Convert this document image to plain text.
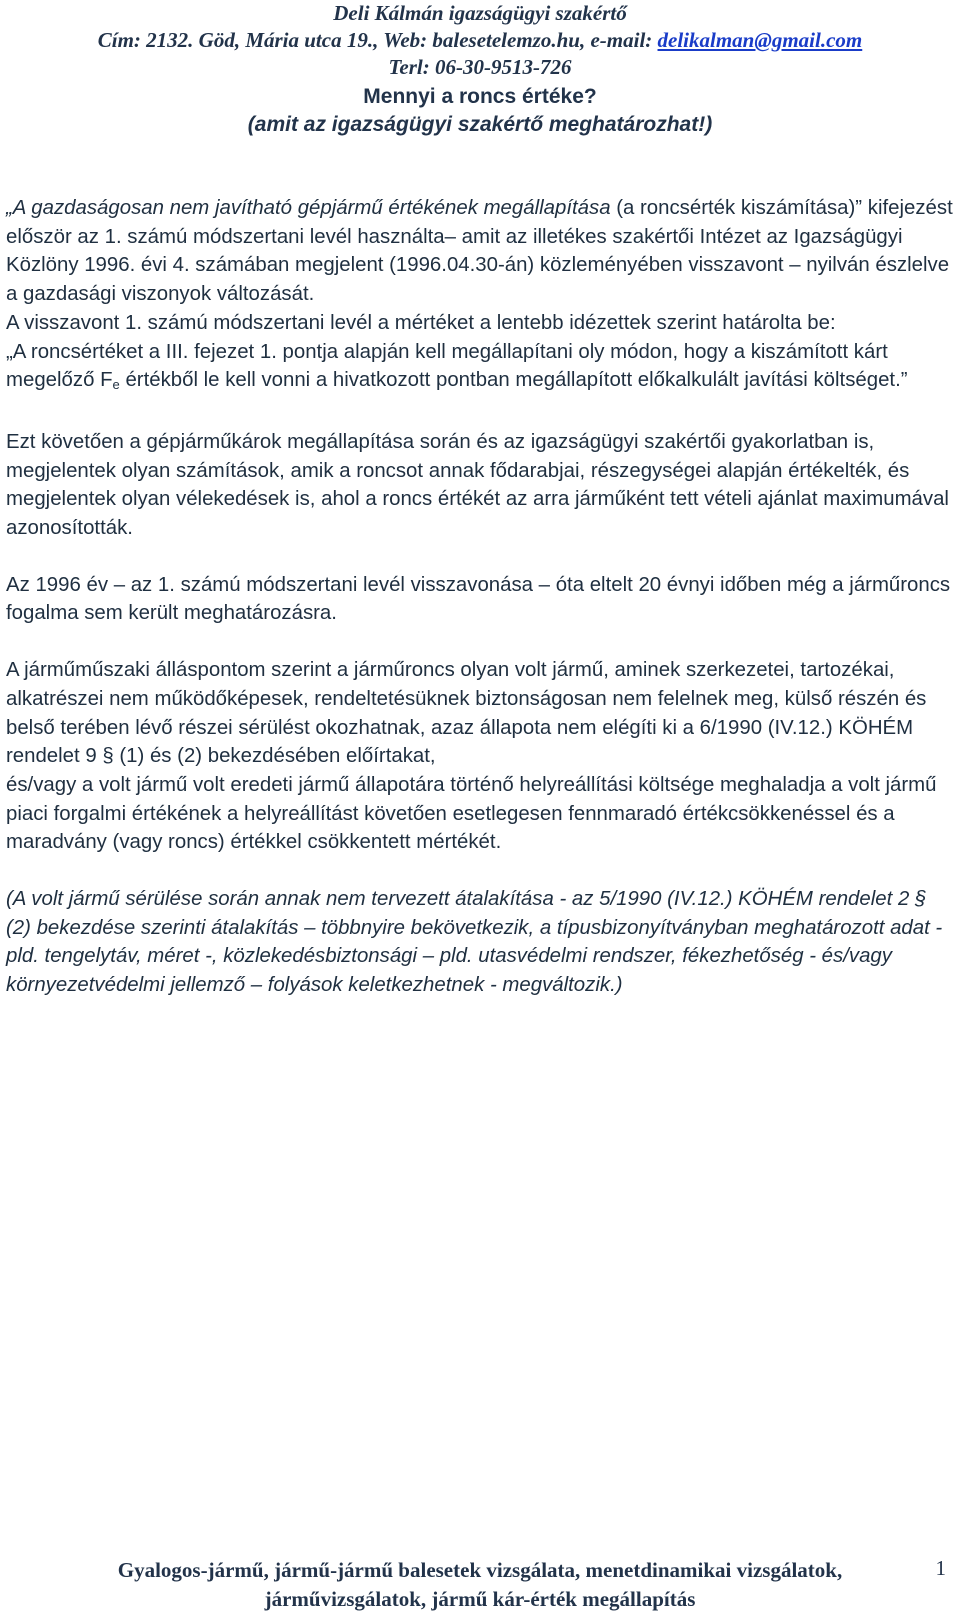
Deli Kálmán igazságügyi szakértő
Cím: 2132. Göd, Mária utca 19., Web: balesetelemzo.hu, e-mail: delikalman@gmail.com
Terl: 06-30-9513-726
Mennyi a roncs értéke?
(amit az igazságügyi szakértő meghatározhat!)

„A gazdaságosan nem javítható gépjármű értékének megállapítása (a roncsérték kiszámítása)” kifejezést először az 1. számú módszertani levél használta– amit az illetékes szakértői Intézet az Igazságügyi Közlöny 1996. évi 4. számában megjelent (1996.04.30-án) közleményében visszavont – nyilván észlelve a gazdasági viszonyok változását.

A visszavont 1. számú módszertani levél a mértéket a lentebb idézettek szerint határolta be:

„A roncsértéket a III. fejezet 1. pontja alapján kell megállapítani oly módon, hogy a kiszámított kárt megelőző $F_e$ értékből le kell vonni a hivatkozott pontban megállapított előkalkulált javítási költséget.”

Ezt követően a gépjárműkárok megállapítása során és az igazságügyi szakértői gyakorlatban is, megjelentek olyan számítások, amik a roncsot annak fődarabjai, részegységei alapján értékelték, és megjelentek olyan vélekedések is, ahol a roncs értékét az arra járműként tett vételi ajánlat maximumával azonosították.

Az 1996 év – az 1. számú módszertani levél visszavonása – óta eltelt 20 évnyi időben még a járműroncs fogalma sem került meghatározásra.

A járműműszaki álláspontom szerint a járműroncs olyan volt jármű, aminek szerkezetei, tartozékai, alkatrészei nem működőképesek, rendeltetésüknek biztonságosan nem felelnek meg, külső részén és belső terében lévő részei sérülést okozhatnak, azaz állapota nem elégíti ki a 6/1990 (IV.12.) KÖHÉM rendelet 9 § (1) és (2) bekezdésében előírtakat,

és/vagy a volt jármű volt eredeti jármű állapotára történő helyreállítási költsége meghaladja a volt jármű piaci forgalmi értékének a helyreállítást követően esetlegesen fennmaradó értékcsökkenéssel és a maradvány (vagy roncs) értékkel csökkentett mértékét.

(A volt jármű sérülése során annak nem tervezett átalakítása - az 5/1990 (IV.12.) KÖHÉM rendelet 2 § (2) bekezdése szerinti átalakítás – többnyire bekövetkezik, a típusbizonyítványban meghatározott adat - pld. tengelytáv, méret -, közlekedésbiztonsági – pld. utasvédelmi rendszer, fékezhetőség - és/vagy környezetvédelmi jellemző – folyások keletkezhetnek - megváltozik.)

Gyalogos-jármű, jármű-jármű balesetek vizsgálata, menetdinamikai vizsgálatok,
járművizsgálatok, jármű kár-érték megállapítás
1
